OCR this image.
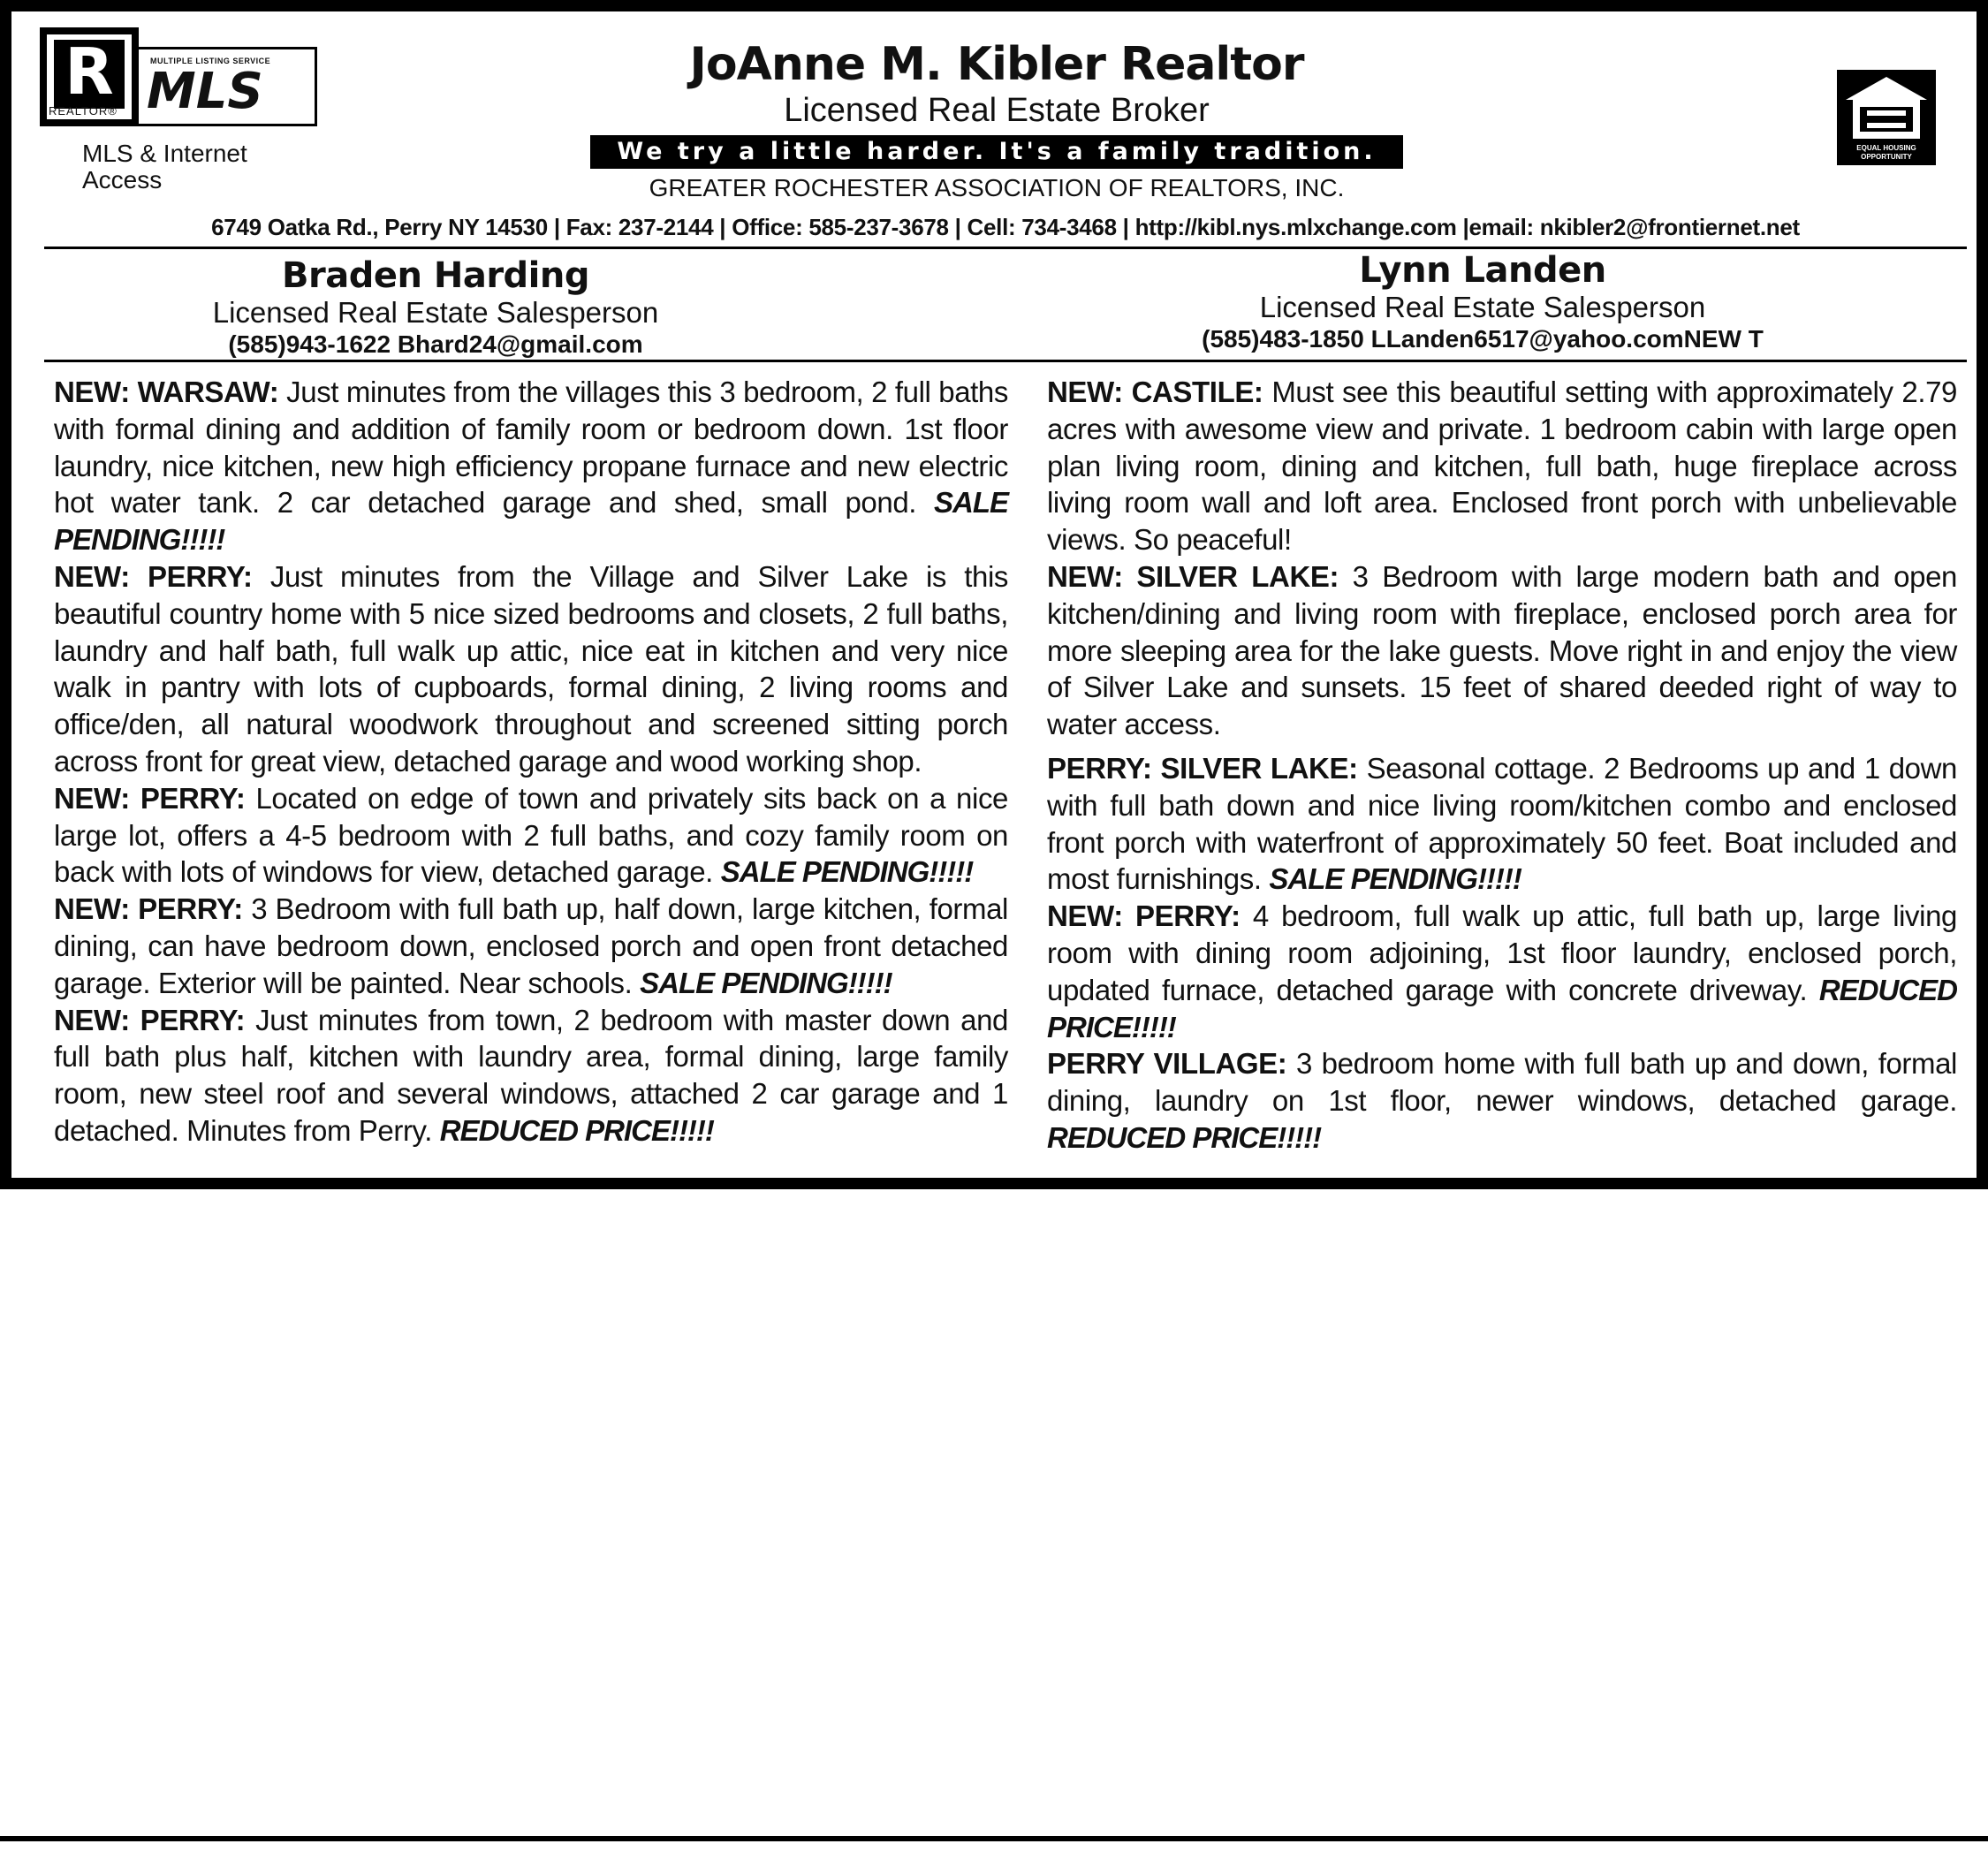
R
REALTOR®
MULTIPLE LISTING SERVICE
MLS
MLS & Internet Access
JoAnne M. Kibler Realtor
Licensed Real Estate Broker
We try a little harder. It's a family tradition.
GREATER ROCHESTER ASSOCIATION OF REALTORS, INC.
EQUAL HOUSING OPPORTUNITY
6749 Oatka Rd., Perry NY 14530 | Fax: 237-2144 | Office: 585-237-3678 | Cell: 734-3468 | http://kibl.nys.mlxchange.com |email: nkibler2@frontiernet.net
Braden Harding
Licensed Real Estate Salesperson
(585)943-1622 Bhard24@gmail.com
Lynn Landen
Licensed Real Estate Salesperson
(585)483-1850 LLanden6517@yahoo.comNEW T

NEW: WARSAW: Just minutes from the villages this 3 bedroom, 2 full baths with formal dining and addition of family room or bedroom down. 1st floor laundry, nice kitchen, new high efficiency propane furnace and new electric hot water tank. 2 car detached garage and shed, small pond. SALE PENDING!!!!!

NEW: PERRY: Just minutes from the Village and Silver Lake is this beautiful country home with 5 nice sized bedrooms and closets, 2 full baths, laundry and half bath, full walk up attic, nice eat in kitchen and very nice walk in pantry with lots of cupboards, formal dining, 2 living rooms and office/den, all natural woodwork throughout and screened sitting porch across front for great view, detached garage and wood working shop.

NEW: PERRY: Located on edge of town and privately sits back on a nice large lot, offers a 4-5 bedroom with 2 full baths, and cozy family room on back with lots of windows for view, detached garage. SALE PENDING!!!!!

NEW: PERRY: 3 Bedroom with full bath up, half down, large kitchen, formal dining, can have bedroom down, enclosed porch and open front detached garage. Exterior will be painted. Near schools. SALE PENDING!!!!!

NEW: PERRY: Just minutes from town, 2 bedroom with master down and full bath plus half, kitchen with laundry area, formal dining, large family room, new steel roof and several windows, attached 2 car garage and 1 detached. Minutes from Perry. REDUCED PRICE!!!!!

NEW: CASTILE: Must see this beautiful setting with approximately 2.79 acres with awesome view and private. 1 bedroom cabin with large open plan living room, dining and kitchen, full bath, huge fireplace across living room wall and loft area. Enclosed front porch with unbelievable views. So peaceful!

NEW: SILVER LAKE: 3 Bedroom with large modern bath and open kitchen/dining and living room with fireplace, enclosed porch area for more sleeping area for the lake guests. Move right in and enjoy the view of Silver Lake and sunsets. 15 feet of shared deeded right of way to water access.

PERRY: SILVER LAKE: Seasonal cottage. 2 Bedrooms up and 1 down with full bath down and nice living room/kitchen combo and enclosed front porch with waterfront of approximately 50 feet. Boat included and most furnishings. SALE PENDING!!!!!

NEW: PERRY: 4 bedroom, full walk up attic, full bath up, large living room with dining room adjoining, 1st floor laundry, enclosed porch, updated furnace, detached garage with concrete driveway. REDUCED PRICE!!!!!

PERRY VILLAGE: 3 bedroom home with full bath up and down, formal dining, laundry on 1st floor, newer windows, detached garage. REDUCED PRICE!!!!!
